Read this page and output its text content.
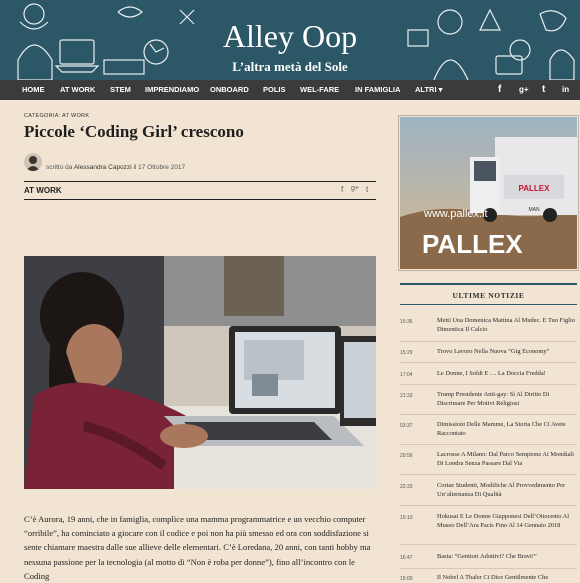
Alley Oop
L’altra metà del Sole
HOME AT WORK STEM IMPRENDIAMO ONBOARD POLIS WEL-FARE IN FAMIGLIA ALTRI ▾	f g+ t in
CATEGORIA: AT WORK
Piccole ‘Coding Girl’ crescono
scritto da Alessandra Capozzi il 17 Ottobre 2017
AT WORK	f g+ t
C’è Aurora, 19 anni, che in famiglia, complice una mamma programmatrice e un vecchio computer “orribile”, ha cominciato a giocare con il codice e poi non ha più smesso ed ora con soddisfazione si sente chiamare maestra dalle sue allieve delle elementari. C’è Loredana, 20 anni, con tanti hobby ma nessuna passione per la tecnologia (al motto di “Non è roba per donne”), fino all’incontro con le Coding
PALLEX
MAN
www.pallex.it
PALLEX
ULTIME NOTIZIE
15:36	Metti Una Domenica Mattina Al Mudec. E Tuo Figlio Dimentica Il Calcio
15:29	Trovo Lavoro Nella Nuova “Gig Economy”
17:04	Le Donne, I Soldi E … La Doccia Fredda!
21:33	Trump Presidente Anti-gay: Sì Al Diritto Di Discrimare Per Motivi Religiosi
03:37	Dimissioni Delle Mamme, La Storia Che Ci Avete Raccontato
20:56	Lacrosse A Milano: Dal Parco Sempione Ai Mondiali Di Londra Senza Passare Dal Via
22:33	Cortae Studenti, Modifiche Al Provvedimento Per Un’alternanza Di Qualità
15:10	Hokusai E Le Donne Giapponesi Dell’Ottocento Al Museo Dell’Ara Pacis Fino Al 14 Gennaio 2018
16:47	Basta: “Genitori Adottivi? Che Bravi!”
15:00	Il Nobel A Thaler Ci Dice Gentilmente Che
